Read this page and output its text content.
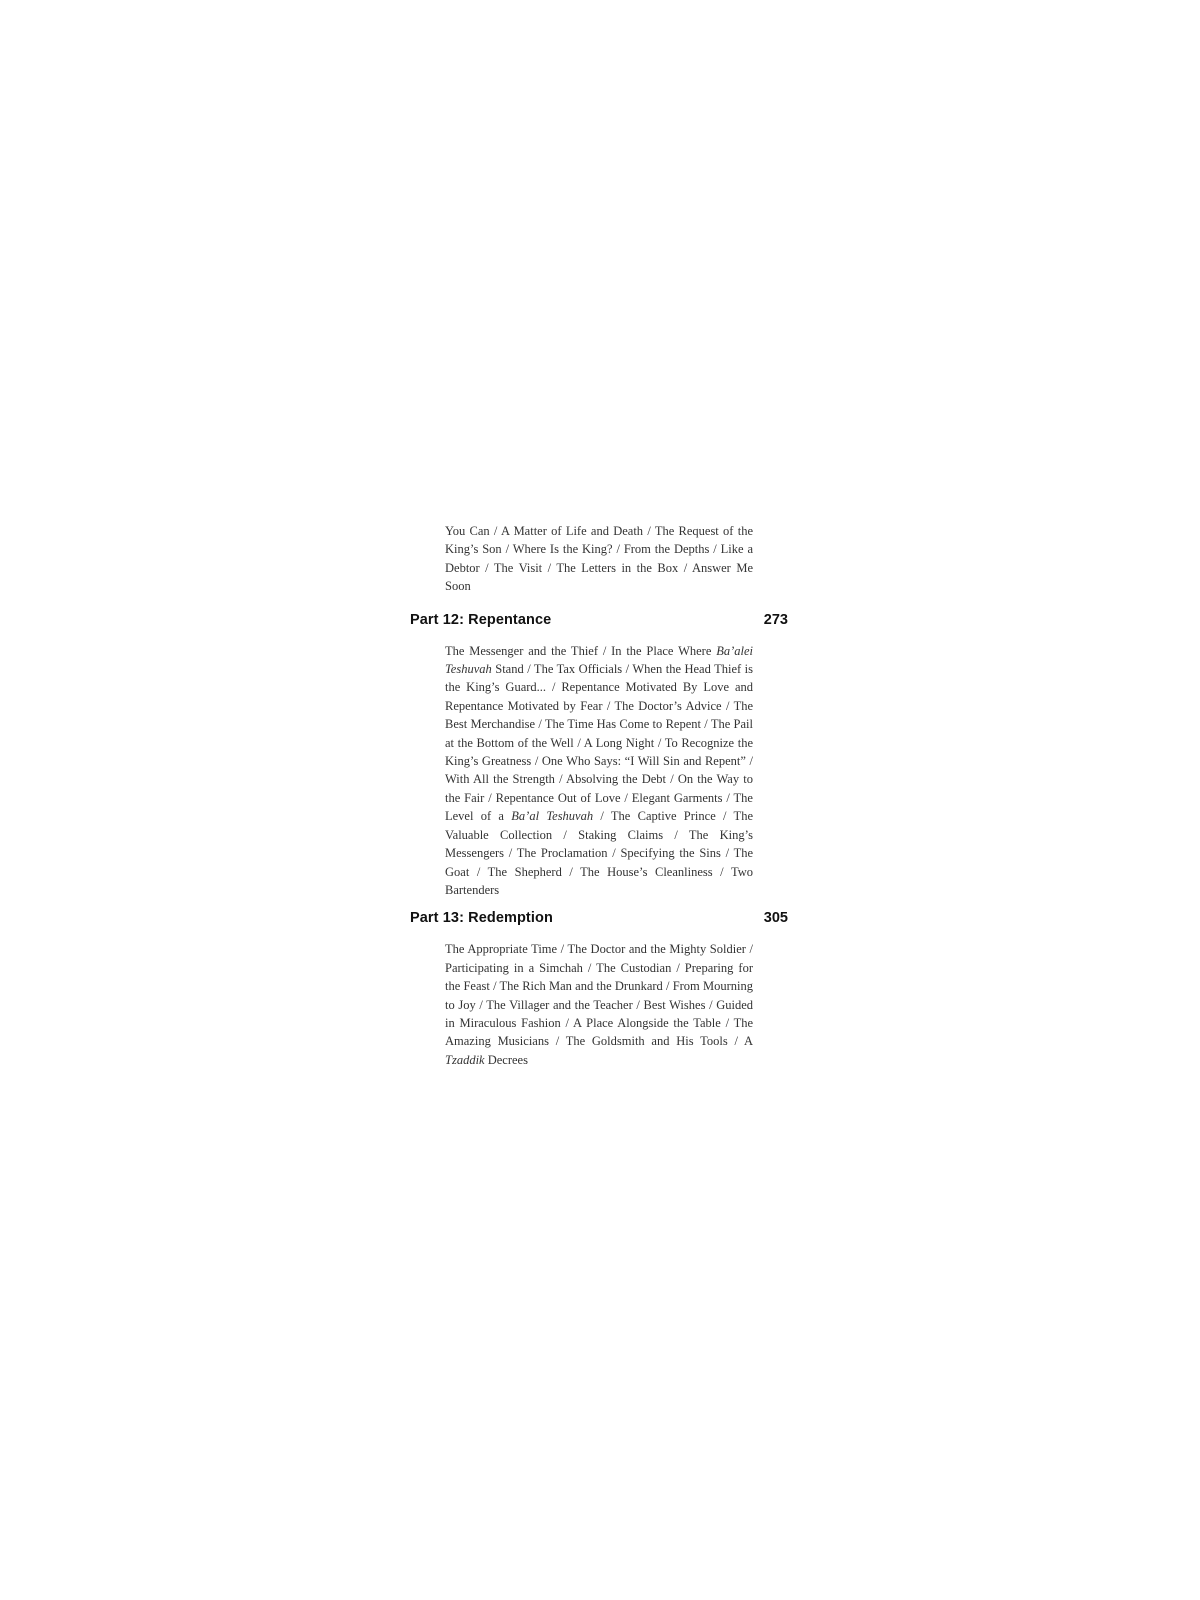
You Can / A Matter of Life and Death / The Request of the King’s Son / Where Is the King? / From the Depths / Like a Debtor / The Visit / The Letters in the Box / Answer Me Soon

Part 12: Repentance	273

The Messenger and the Thief / In the Place Where Ba’alei Teshuvah Stand / The Tax Officials / When the Head Thief is the King’s Guard... / Repentance Motivated By Love and Repentance Motivated by Fear / The Doctor’s Advice / The Best Merchandise / The Time Has Come to Repent / The Pail at the Bottom of the Well / A Long Night / To Recognize the King’s Greatness / One Who Says: “I Will Sin and Repent” / With All the Strength / Absolving the Debt / On the Way to the Fair / Repentance Out of Love / Elegant Garments / The Level of a Ba’al Teshuvah / The Captive Prince / The Valuable Collection / Staking Claims / The King’s Messengers / The Proclamation / Specifying the Sins / The Goat / The Shepherd / The House’s Cleanliness / Two Bartenders

Part 13: Redemption	305

The Appropriate Time / The Doctor and the Mighty Soldier / Participating in a Simchah / The Custodian / Preparing for the Feast / The Rich Man and the Drunkard / From Mourning to Joy / The Villager and the Teacher / Best Wishes / Guided in Miraculous Fashion / A Place Alongside the Table / The Amazing Musicians / The Goldsmith and His Tools / A Tzaddik Decrees
